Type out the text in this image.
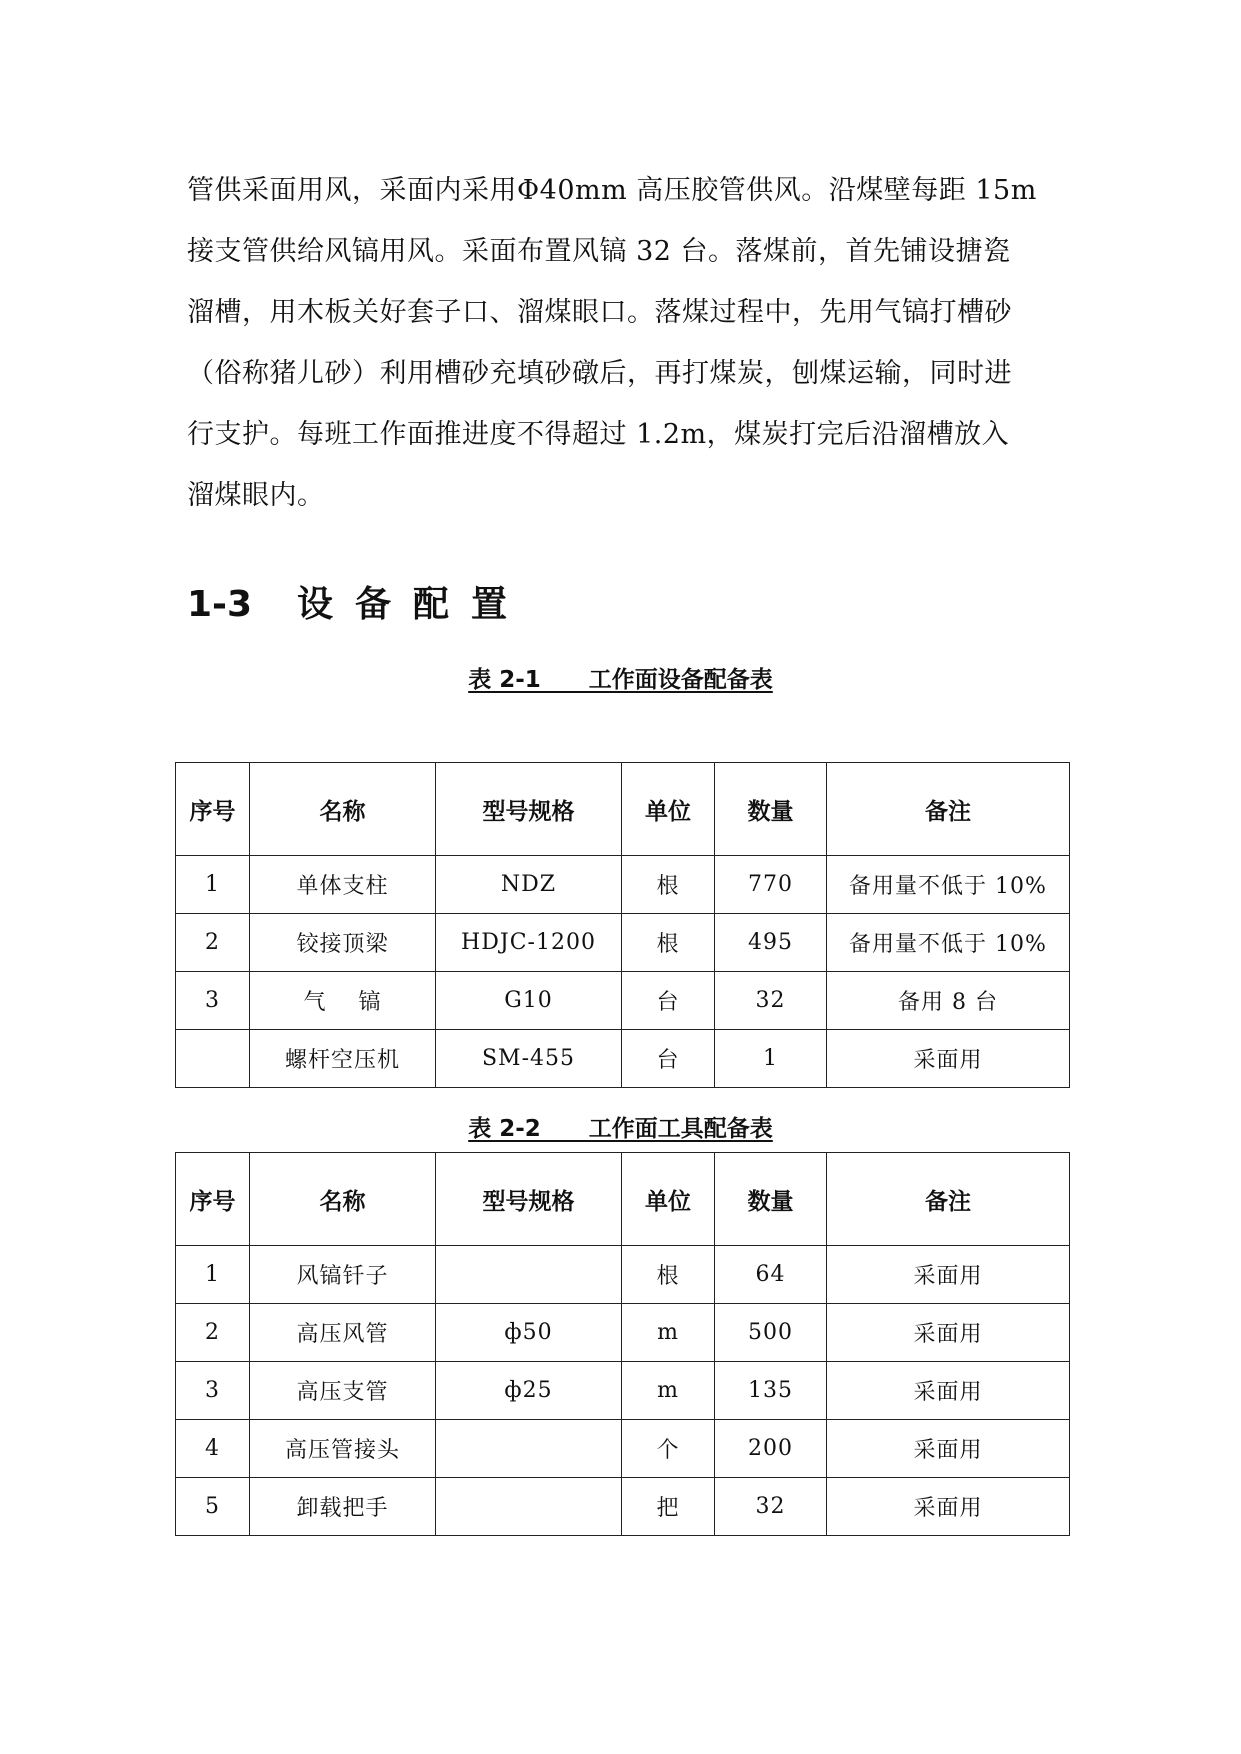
管供采面用风，采面内采用Φ40mm 高压胶管供风。沿煤壁每距 15m
接支管供给风镐用风。采面布置风镐 32 台。落煤前，首先铺设搪瓷
溜槽，用木板关好套子口、溜煤眼口。落煤过程中，先用气镐打槽砂
（俗称猪儿砂）利用槽砂充填砂礅后，再打煤炭，刨煤运输，同时进
行支护。每班工作面推进度不得超过 1.2m，煤炭打完后沿溜槽放入
溜煤眼内。
1-3 设备配置
表 2-1      工作面设备配备表
序号	名称	型号规格	单位	数量	备注
1	单体支柱	NDZ	根	770	备用量不低于 10%
2	铰接顶梁	HDJC-1200	根	495	备用量不低于 10%
3	气    镐	G10	台	32	备用 8 台
	螺杆空压机	SM-455	台	1	采面用
表 2-2      工作面工具配备表
序号	名称	型号规格	单位	数量	备注
1	风镐钎子		根	64	采面用
2	高压风管	ф50	m	500	采面用
3	高压支管	ф25	m	135	采面用
4	高压管接头		个	200	采面用
5	卸载把手		把	32	采面用
